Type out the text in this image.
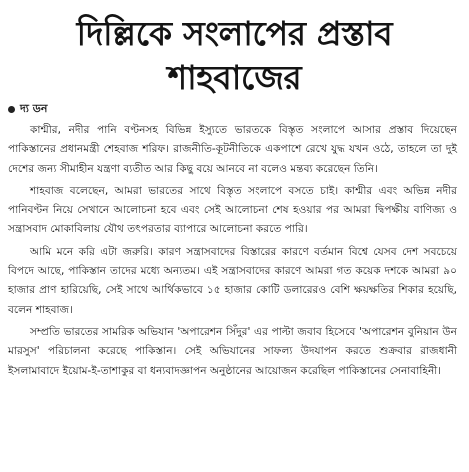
দিল্লিকে সংলাপের প্রস্তাব
শাহবাজের
দ্য ডন

কাশ্মীর, নদীর পানি বণ্টনসহ বিভিন্ন ইস্যুতে ভারতকে বিস্তৃত সংলাপে আসার প্রস্তাব দিয়েছেন পাকিস্তানের প্রধানমন্ত্রী শেহবাজ শরিফ। রাজনীতি-কূটনীতিকে একপাশে রেখে যুদ্ধ যখন ওঠে, তাহলে তা দুই দেশের জন্য সীমাহীন যন্ত্রণা ব্যতীত আর কিছু বয়ে আনবে না বলেও মন্তব্য করেছেন তিনি।

শাহবাজ বলেছেন, আমরা ভারতের সাথে বিস্তৃত সংলাপে বসতে চাই। কাশ্মীর এবং অভিন্ন নদীর পানিবণ্টন নিয়ে সেখানে আলোচনা হবে এবং সেই আলোচনা শেষ হওয়ার পর আমরা দ্বিপক্ষীয় বাণিজ্য ও সন্ত্রাসবাদ মোকাবিলায় যৌথ তৎপরতার ব্যাপারে আলোচনা করতে পারি।

আমি মনে করি এটা জরুরি। কারণ সন্ত্রাসবাদের বিস্তারের কারণে বর্তমান বিশ্বে যেসব দেশ সবচেয়ে বিপদে আছে, পাকিস্তান তাদের মধ্যে অন্যতম। এই সন্ত্রাসবাদের কারণে আমরা গত কয়েক দশকে আমরা ৯০ হাজার প্রাণ হারিয়েছি, সেই সাথে আর্থিকভাবে ১৫ হাজার কোটি ডলারেরও বেশি ক্ষয়ক্ষতির শিকার হয়েছি, বলেন শাহবাজ।

সম্প্রতি ভারতের সামরিক অভিযান 'অপারেশন সিঁদুর' এর পাল্টা জবাব হিসেবে 'অপারেশন বুনিয়ান উন মারসুস' পরিচালনা করেছে পাকিস্তান। সেই অভিযানের সাফল্য উদযাপন করতে শুক্রবার রাজধানী ইসলামাবাদে ইয়োম-ই-তাশাকুর বা ধন্যবাদজ্ঞাপন অনুষ্ঠানের আয়োজন করেছিল পাকিস্তানের সেনাবাহিনী।
